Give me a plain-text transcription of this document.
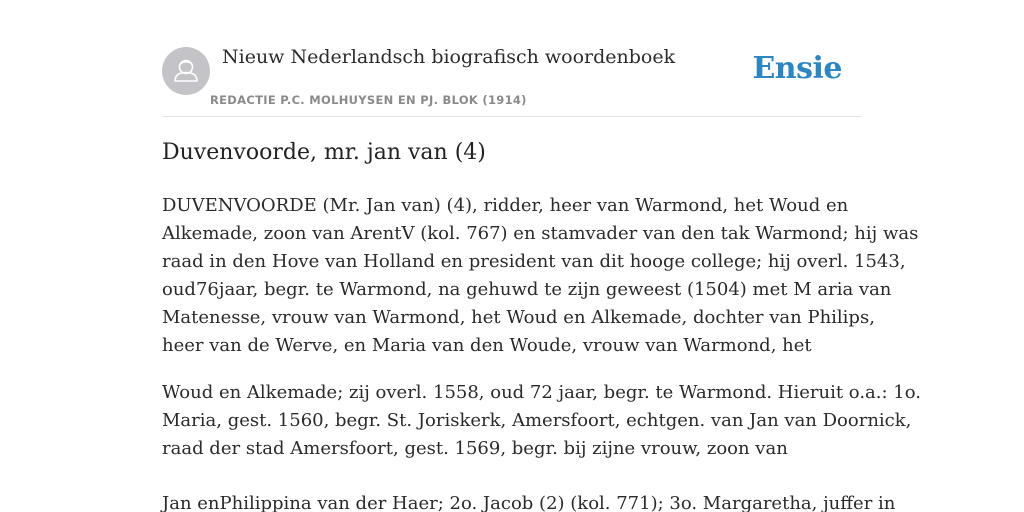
Nieuw Nederlandsch biografisch woordenboek
REDACTIE P.C. MOLHUYSEN EN PJ. BLOK (1914)
Ensie
Duvenvoorde, mr. jan van (4)
DUVENVOORDE (Mr. Jan van) (4), ridder, heer van Warmond, het Woud en
Alkemade, zoon van ArentV (kol. 767) en stamvader van den tak Warmond; hij was
raad in den Hove van Holland en president van dit hooge college; hij overl. 1543,
oud76jaar, begr. te Warmond, na gehuwd te zijn geweest (1504) met M aria van
Matenesse, vrouw van Warmond, het Woud en Alkemade, dochter van Philips,
heer van de Werve, en Maria van den Woude, vrouw van Warmond, het
Woud en Alkemade; zij overl. 1558, oud 72 jaar, begr. te Warmond. Hieruit o.a.: 1o.
Maria, gest. 1560, begr. St. Joriskerk, Amersfoort, echtgen. van Jan van Doornick,
raad der stad Amersfoort, gest. 1569, begr. bij zijne vrouw, zoon van
Jan enPhilippina van der Haer; 2o. Jacob (2) (kol. 771); 3o. Margaretha, juffer in
